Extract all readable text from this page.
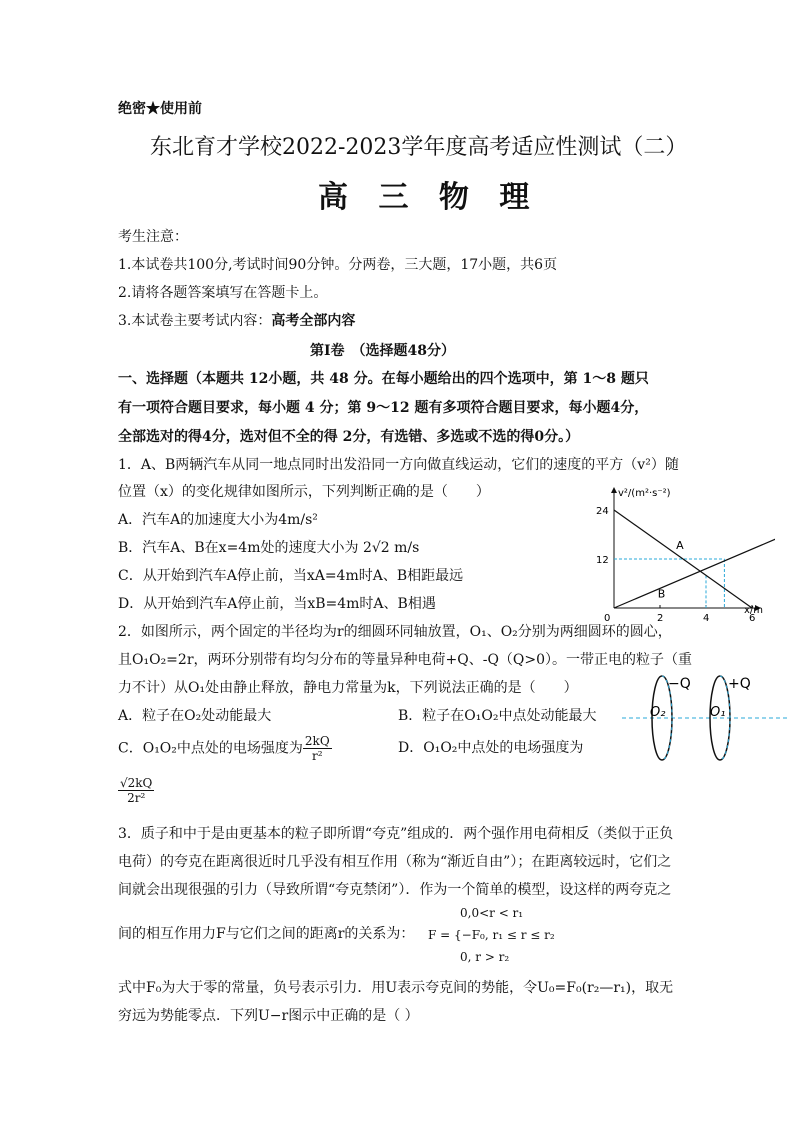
绝密★使用前
东北育才学校2022-2023学年度高考适应性测试（二）
高 三 物 理
考生注意：
1.本试卷共100分,考试时间90分钟。分两卷，三大题，17小题，共6页
2.请将各题答案填写在答题卡上。
3.本试卷主要考试内容：高考全部内容
第Ⅰ卷　（选择题48分）
一、选择题（本题共 12小题，共 48 分。在每小题给出的四个选项中，第 1～8 题只
有一项符合题目要求，每小题 4 分；第 9～12 题有多项符合题目要求，每小题4分，
全部选对的得4分，选对但不全的得 2分，有选错、多选或不选的得0分。）
1．A、B两辆汽车从同一地点同时出发沿同一方向做直线运动，它们的速度的平方（v²）随
位置（x）的变化规律如图所示，下列判断正确的是（　　）
A．汽车A的加速度大小为4m/s²
B．汽车A、B在x=4m处的速度大小为 2√2 m/s
C．从开始到汽车A停止前，当xA=4m时A、B相距最远
D．从开始到汽车A停止前，当xB=4m时A、B相遇
v²/(m²·s⁻²)
x/m
0	2	4	6
12
24
A
B
2．如图所示，两个固定的半径均为r的细圆环同轴放置，O₁、O₂分别为两细圆环的圆心，
且O₁O₂=2r，两环分别带有均匀分布的等量异种电荷+Q、-Q（Q>0）。一带正电的粒子（重
力不计）从O₁处由静止释放，静电力常量为k，下列说法正确的是（　　）
A．粒子在O₂处动能最大	B．粒子在O₁O₂中点处动能最大
C．O₁O₂中点处的电场强度为 $\frac{2kQ}{\text{r²}}$	D．O₁O₂中点处的电场强度为
$\frac{√2kQ}{\text{2r²}}$
−Q	+Q
O₂	O₁
3．质子和中于是由更基本的粒子即所谓“夸克”组成的．两个强作用电荷相反（类似于正负
电荷）的夸克在距离很近时几乎没有相互作用（称为“渐近自由”）；在距离较远时，它们之
间就会出现很强的引力（导致所谓“夸克禁闭”）．作为一个简单的模型，设这样的两夸克之
间的相互作用力F与它们之间的距离r的关系为：
0,0<r < r₁
F = {−F₀, r₁ ≤ r ≤ r₂
0, r > r₂
式中F₀为大于零的常量，负号表示引力．用U表示夸克间的势能，令U₀=F₀(r₂—r₁)，取无
穷远为势能零点．下列U−r图示中正确的是（ ）
